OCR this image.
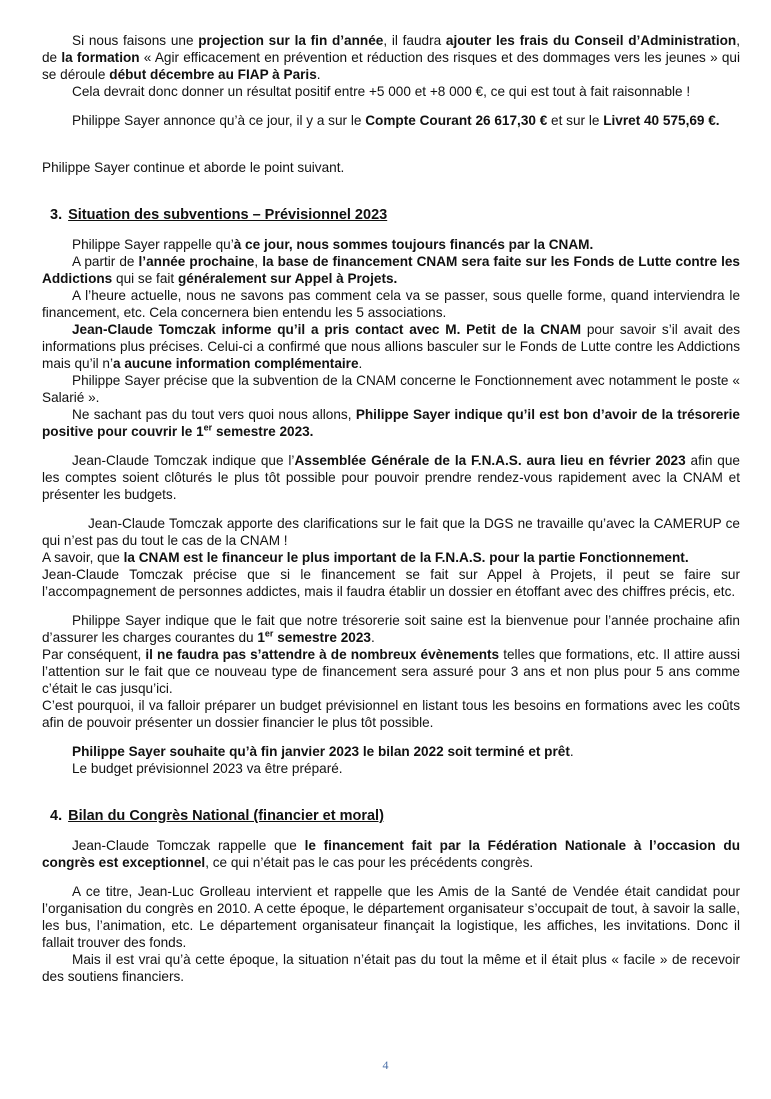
Si nous faisons une projection sur la fin d’année, il faudra ajouter les frais du Conseil d’Administration, de la formation « Agir efficacement en prévention et réduction des risques et des dommages vers les jeunes » qui se déroule début décembre au FIAP à Paris.

Cela devrait donc donner un résultat positif entre +5 000 et +8 000 €, ce qui est tout à fait raisonnable !

Philippe Sayer annonce qu’à ce jour, il y a sur le Compte Courant 26 617,30 € et sur le Livret 40 575,69 €.

Philippe Sayer continue et aborde le point suivant.

3. Situation des subventions – Prévisionnel 2023

Philippe Sayer rappelle qu’à ce jour, nous sommes toujours financés par la CNAM.

A partir de l’année prochaine, la base de financement CNAM sera faite sur les Fonds de Lutte contre les Addictions qui se fait généralement sur Appel à Projets.

A l’heure actuelle, nous ne savons pas comment cela va se passer, sous quelle forme, quand interviendra le financement, etc. Cela concernera bien entendu les 5 associations.

Jean-Claude Tomczak informe qu’il a pris contact avec M. Petit de la CNAM pour savoir s’il avait des informations plus précises. Celui-ci a confirmé que nous allions basculer sur le Fonds de Lutte contre les Addictions mais qu’il n’a aucune information complémentaire.

Philippe Sayer précise que la subvention de la CNAM concerne le Fonctionnement avec notamment le poste « Salarié ».

Ne sachant pas du tout vers quoi nous allons, Philippe Sayer indique qu’il est bon d’avoir de la trésorerie positive pour couvrir le 1er semestre 2023.

Jean-Claude Tomczak indique que l’Assemblée Générale de la F.N.A.S. aura lieu en février 2023 afin que les comptes soient clôturés le plus tôt possible pour pouvoir prendre rendez-vous rapidement avec la CNAM et présenter les budgets.

Jean-Claude Tomczak apporte des clarifications sur le fait que la DGS ne travaille qu’avec la CAMERUP ce qui n’est pas du tout le cas de la CNAM !

A savoir, que la CNAM est le financeur le plus important de la F.N.A.S. pour la partie Fonctionnement.

Jean-Claude Tomczak précise que si le financement se fait sur Appel à Projets, il peut se faire sur l’accompagnement de personnes addictes, mais il faudra établir un dossier en étoffant avec des chiffres précis, etc.

Philippe Sayer indique que le fait que notre trésorerie soit saine est la bienvenue pour l’année prochaine afin d’assurer les charges courantes du 1er semestre 2023.

Par conséquent, il ne faudra pas s’attendre à de nombreux évènements telles que formations, etc. Il attire aussi l’attention sur le fait que ce nouveau type de financement sera assuré pour 3 ans et non plus pour 5 ans comme c’était le cas jusqu’ici.

C’est pourquoi, il va falloir préparer un budget prévisionnel en listant tous les besoins en formations avec les coûts afin de pouvoir présenter un dossier financier le plus tôt possible.

Philippe Sayer souhaite qu’à fin janvier 2023 le bilan 2022 soit terminé et prêt.

Le budget prévisionnel 2023 va être préparé.

4. Bilan du Congrès National (financier et moral)

Jean-Claude Tomczak rappelle que le financement fait par la Fédération Nationale à l’occasion du congrès est exceptionnel, ce qui n’était pas le cas pour les précédents congrès.

A ce titre, Jean-Luc Grolleau intervient et rappelle que les Amis de la Santé de Vendée était candidat pour l’organisation du congrès en 2010. A cette époque, le département organisateur s’occupait de tout, à savoir la salle, les bus, l’animation, etc. Le département organisateur finançait la logistique, les affiches, les invitations. Donc il fallait trouver des fonds.

Mais il est vrai qu’à cette époque, la situation n’était pas du tout la même et il était plus « facile » de recevoir des soutiens financiers.

4
